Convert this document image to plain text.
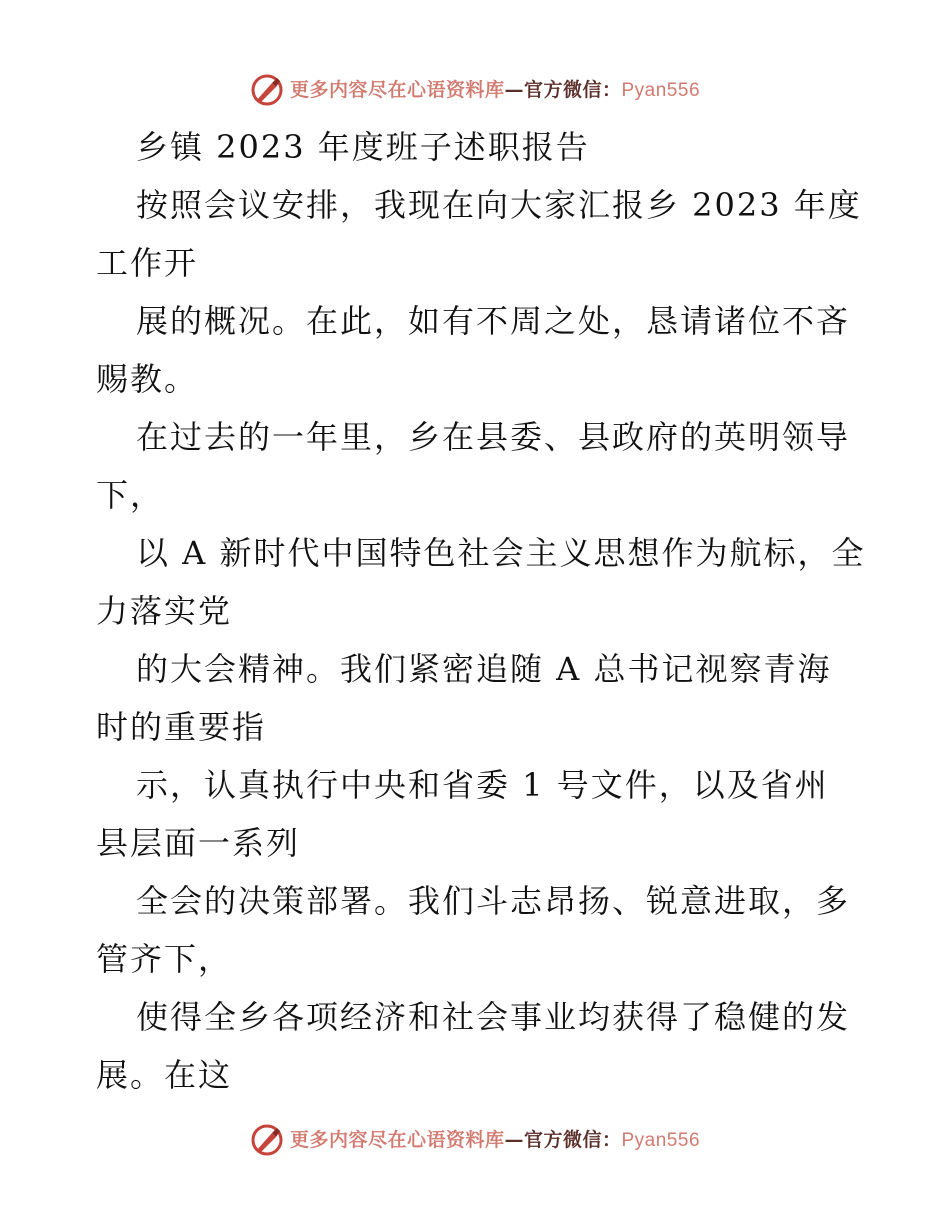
更多内容尽在心语资料库—官方微信：Pyan556
乡镇 2023 年度班子述职报告
按照会议安排，我现在向大家汇报乡 2023 年度
工作开
展的概况。在此，如有不周之处，恳请诸位不吝
赐教。
在过去的一年里，乡在县委、县政府的英明领导
下，
以 A 新时代中国特色社会主义思想作为航标，全
力落实党
的大会精神。我们紧密追随 A 总书记视察青海
时的重要指
示，认真执行中央和省委 1 号文件，以及省州
县层面一系列
全会的决策部署。我们斗志昂扬、锐意进取，多
管齐下，
使得全乡各项经济和社会事业均获得了稳健的发
展。在这
更多内容尽在心语资料库—官方微信：Pyan556
